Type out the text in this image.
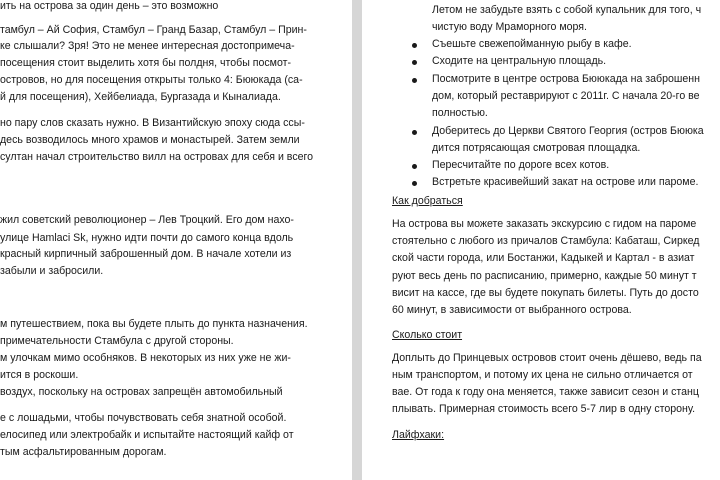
ить на острова за один день – это возможно
тамбул – Ай София, Стамбул – Гранд Базар, Стамбул – Прин-
ке слышали? Зря! Это не менее интересная достопримеча-
посещения стоит выделить хотя бы полдня, чтобы посмот-
островов, но для посещения открыты только 4: Бююкада (са-
й для посещения), Хейбелиада, Бургазада и Кыналиада.
но пару слов сказать нужно. В Византийскую эпоху сюда ссы-
десь возводилось много храмов и монастырей. Затем земли
султан начал строительство вилл на островах для себя и всего
жил советский революционер – Лев Троцкий. Его дом нахо-
улице Hamlaci Sk, нужно идти почти до самого конца вдоль
красный кирпичный заброшенный дом. В начале хотели из
забыли и забросили.
м путешествием, пока вы будете плыть до пункта назначения.
примечательности Стамбула с другой стороны.
м улочкам мимо особняков. В некоторых из них уже не жи-
ится в роскоши.
воздух, поскольку на островах запрещён автомобильный
е с лошадьми, чтобы почувствовать себя знатной особой.
елосипед или электробайк и испытайте настоящий кайф от
тым асфальтированным дорогам.
Летом не забудьте взять с собой купальник для того, ч
чистую воду Мраморного моря.
Съешьте свежепойманную рыбу в кафе.
Сходите на центральную площадь.
Посмотрите в центре острова Бююкада на заброшенн
дом, который реставрируют с 2011г. С начала 20-го ве
полностью.
Доберитесь до Церкви Святого Георгия (остров Бююка
дится потрясающая смотровая площадка.
Пересчитайте по дороге всех котов.
Встретьте красивейший закат на острове или пароме.
Как добраться
На острова вы можете заказать экскурсию с гидом на пароме
стоятельно с любого из причалов Стамбула: Кабаташ, Сиркед
ской части города, или Бостанжи, Кадыкей и Картал - в азиат
руют весь день по расписанию, примерно, каждые 50 минут т
висит на кассе, где вы будете покупать билеты. Путь до досто
60 минут, в зависимости от выбранного острова.
Сколько стоит
Доплыть до Принцевых островов стоит очень дёшево, ведь па
ным транспортом, и потому их цена не сильно отличается от
вае. От года к году она меняется, также зависит сезон и станц
плывать. Примерная стоимость всего 5-7 лир в одну сторону.
Лайфхаки:
